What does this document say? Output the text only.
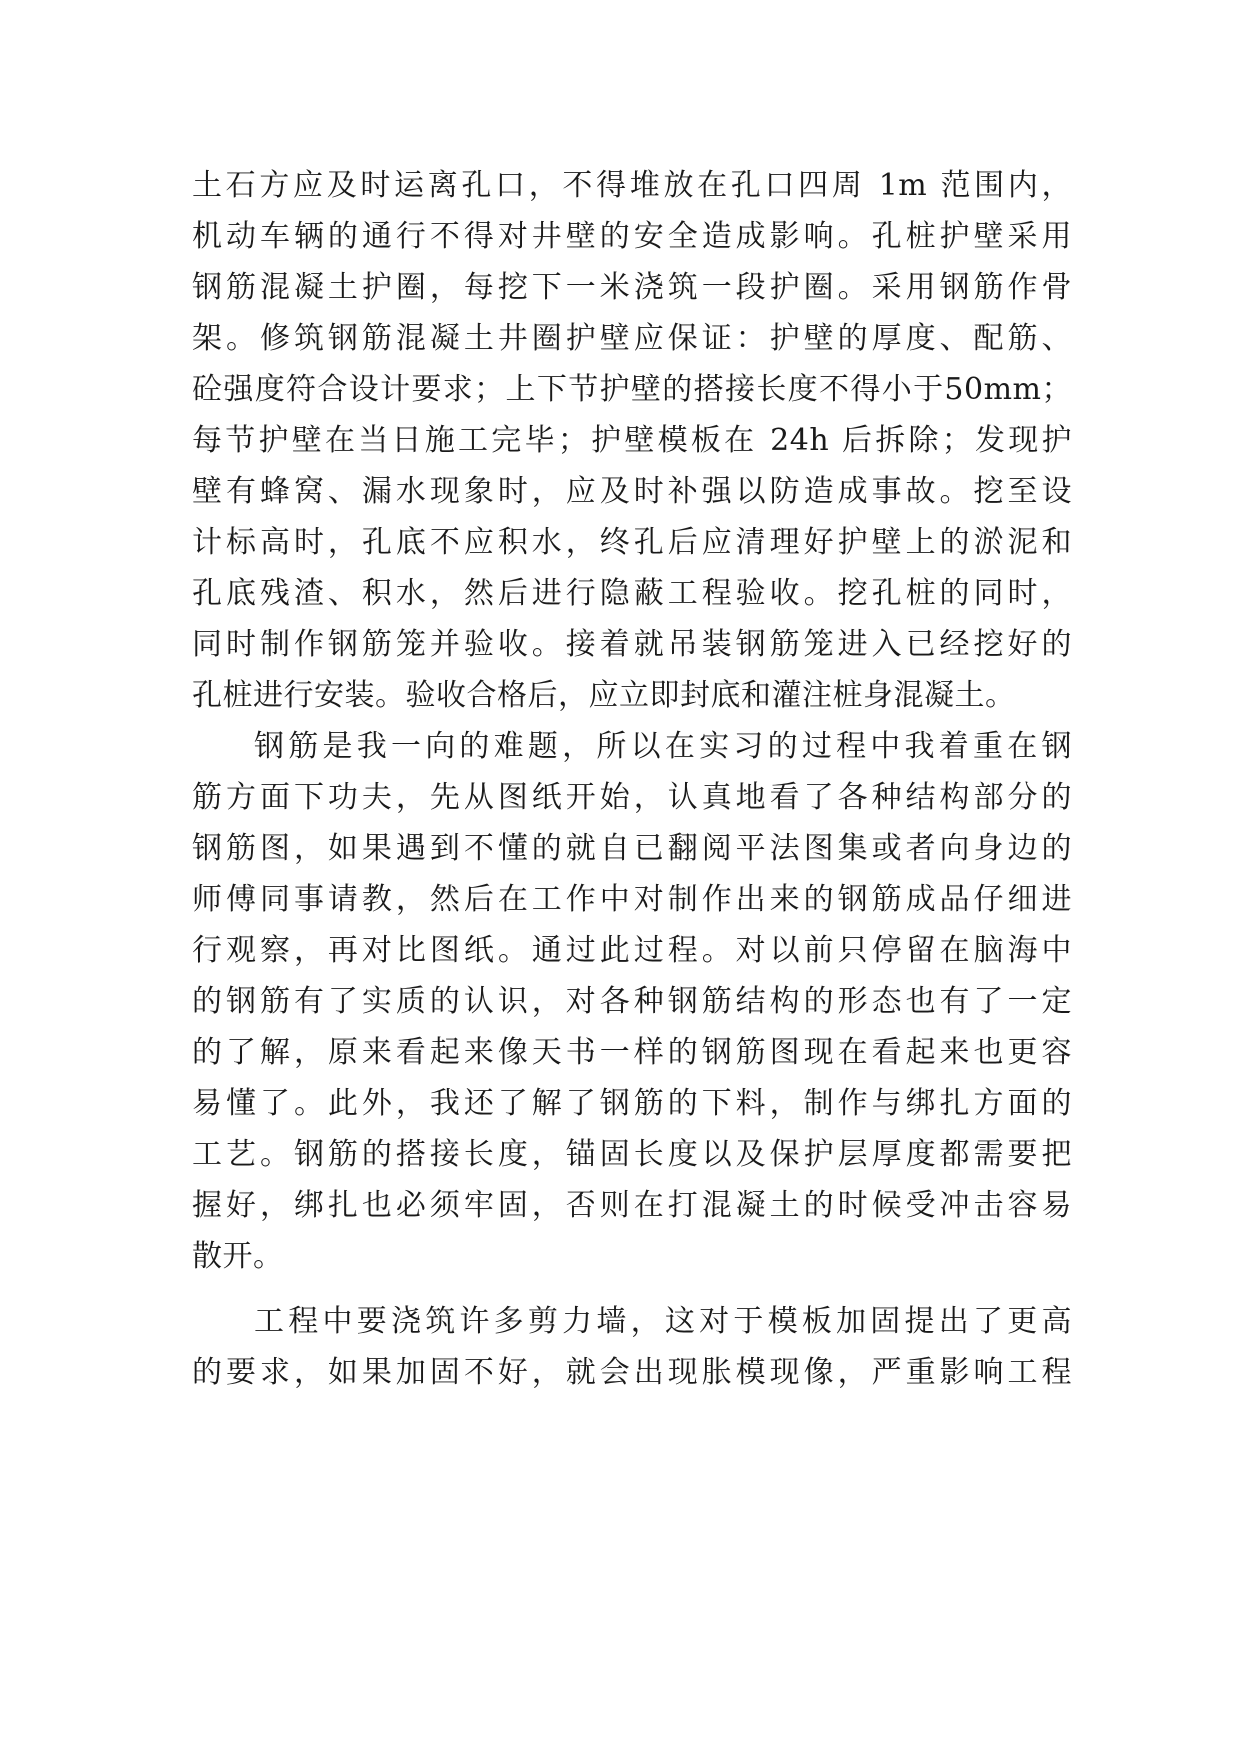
土石方应及时运离孔口，不得堆放在孔口四周 1m 范围内，
机动车辆的通行不得对井壁的安全造成影响。孔桩护壁采用
钢筋混凝土护圈，每挖下一米浇筑一段护圈。采用钢筋作骨
架。修筑钢筋混凝土井圈护壁应保证：护壁的厚度、配筋、
砼强度符合设计要求；上下节护壁的搭接长度不得小于50mm；
每节护壁在当日施工完毕；护壁模板在 24h 后拆除；发现护
壁有蜂窝、漏水现象时，应及时补强以防造成事故。挖至设
计标高时，孔底不应积水，终孔后应清理好护壁上的淤泥和
孔底残渣、积水，然后进行隐蔽工程验收。挖孔桩的同时，
同时制作钢筋笼并验收。接着就吊装钢筋笼进入已经挖好的
孔桩进行安装。验收合格后，应立即封底和灌注桩身混凝土。
钢筋是我一向的难题，所以在实习的过程中我着重在钢
筋方面下功夫，先从图纸开始，认真地看了各种结构部分的
钢筋图，如果遇到不懂的就自已翻阅平法图集或者向身边的
师傅同事请教，然后在工作中对制作出来的钢筋成品仔细进
行观察，再对比图纸。通过此过程。对以前只停留在脑海中
的钢筋有了实质的认识，对各种钢筋结构的形态也有了一定
的了解，原来看起来像天书一样的钢筋图现在看起来也更容
易懂了。此外，我还了解了钢筋的下料，制作与绑扎方面的
工艺。钢筋的搭接长度，锚固长度以及保护层厚度都需要把
握好，绑扎也必须牢固，否则在打混凝土的时候受冲击容易
散开。
工程中要浇筑许多剪力墙，这对于模板加固提出了更高
的要求，如果加固不好，就会出现胀模现像，严重影响工程
